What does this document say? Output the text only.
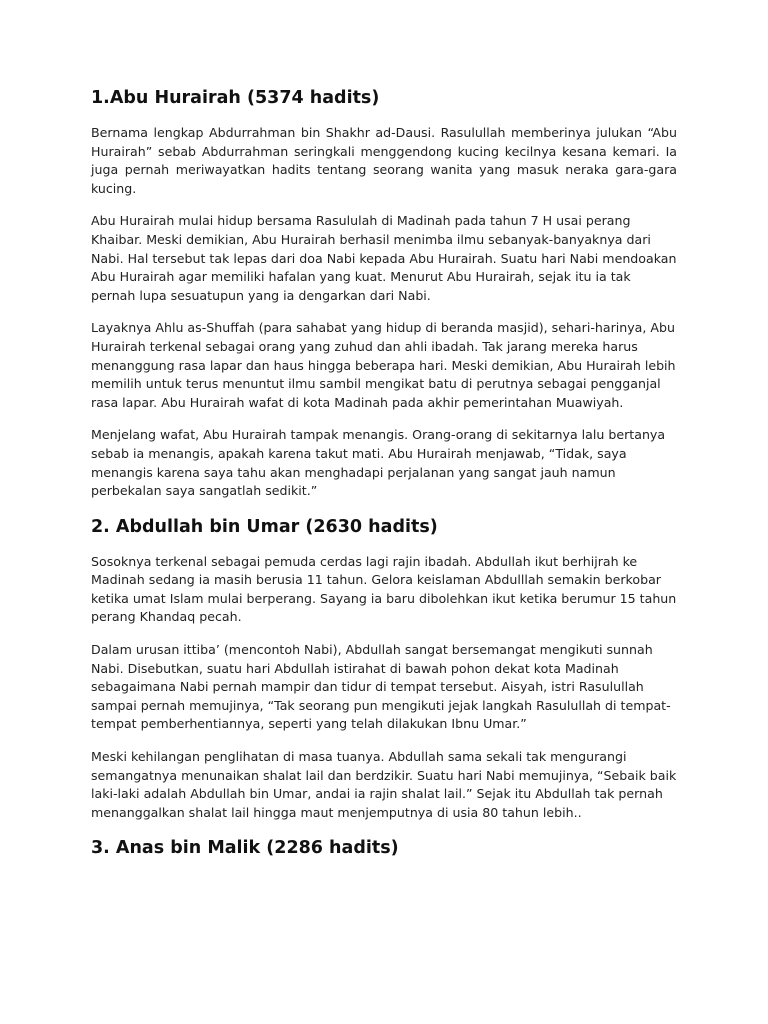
1.Abu Hurairah (5374 hadits)

Bernama lengkap Abdurrahman bin Shakhr ad-Dausi. Rasulullah memberinya julukan “Abu Hurairah” sebab Abdurrahman seringkali menggendong kucing kecilnya kesana kemari. Ia juga pernah meriwayatkan hadits tentang seorang wanita yang masuk neraka gara-gara kucing.

Abu Hurairah mulai hidup bersama Rasululah di Madinah pada tahun 7 H usai perang Khaibar. Meski demikian, Abu Hurairah berhasil menimba ilmu sebanyak-banyaknya dari Nabi. Hal tersebut tak lepas dari doa Nabi kepada Abu Hurairah. Suatu hari Nabi mendoakan Abu Hurairah agar memiliki hafalan yang kuat. Menurut Abu Hurairah, sejak itu ia tak pernah lupa sesuatupun yang ia dengarkan dari Nabi.

Layaknya Ahlu as-Shuffah (para sahabat yang hidup di beranda masjid), sehari-harinya, Abu Hurairah terkenal sebagai orang yang zuhud dan ahli ibadah. Tak jarang mereka harus menanggung rasa lapar dan haus hingga beberapa hari. Meski demikian, Abu Hurairah lebih memilih untuk terus menuntut ilmu sambil mengikat batu di perutnya sebagai pengganjal rasa lapar. Abu Hurairah wafat di kota Madinah pada akhir pemerintahan Muawiyah.

Menjelang wafat, Abu Hurairah tampak menangis. Orang-orang di sekitarnya lalu bertanya sebab ia menangis, apakah karena takut mati. Abu Hurairah menjawab, “Tidak, saya menangis karena saya tahu akan menghadapi perjalanan yang sangat jauh namun perbekalan saya sangatlah sedikit.”

2. Abdullah bin Umar (2630 hadits)

Sosoknya terkenal sebagai pemuda cerdas lagi rajin ibadah. Abdullah ikut berhijrah ke Madinah sedang ia masih berusia 11 tahun. Gelora keislaman Abdulllah semakin berkobar ketika umat Islam mulai berperang. Sayang ia baru dibolehkan ikut ketika berumur 15 tahun perang Khandaq pecah.

Dalam urusan ittiba’ (mencontoh Nabi), Abdullah sangat bersemangat mengikuti sunnah Nabi. Disebutkan, suatu hari Abdullah istirahat di bawah pohon dekat kota Madinah sebagaimana Nabi pernah mampir dan tidur di tempat tersebut. Aisyah, istri Rasulullah sampai pernah memujinya, “Tak seorang pun mengikuti jejak langkah Rasulullah di tempat-tempat pemberhentiannya, seperti yang telah dilakukan Ibnu Umar.”

Meski kehilangan penglihatan di masa tuanya. Abdullah sama sekali tak mengurangi semangatnya menunaikan shalat lail dan berdzikir. Suatu hari Nabi memujinya, “Sebaik baik laki-laki adalah Abdullah bin Umar, andai ia rajin shalat lail.” Sejak itu Abdullah tak pernah menanggalkan shalat lail hingga maut menjemputnya di usia 80 tahun lebih..

3. Anas bin Malik (2286 hadits)
